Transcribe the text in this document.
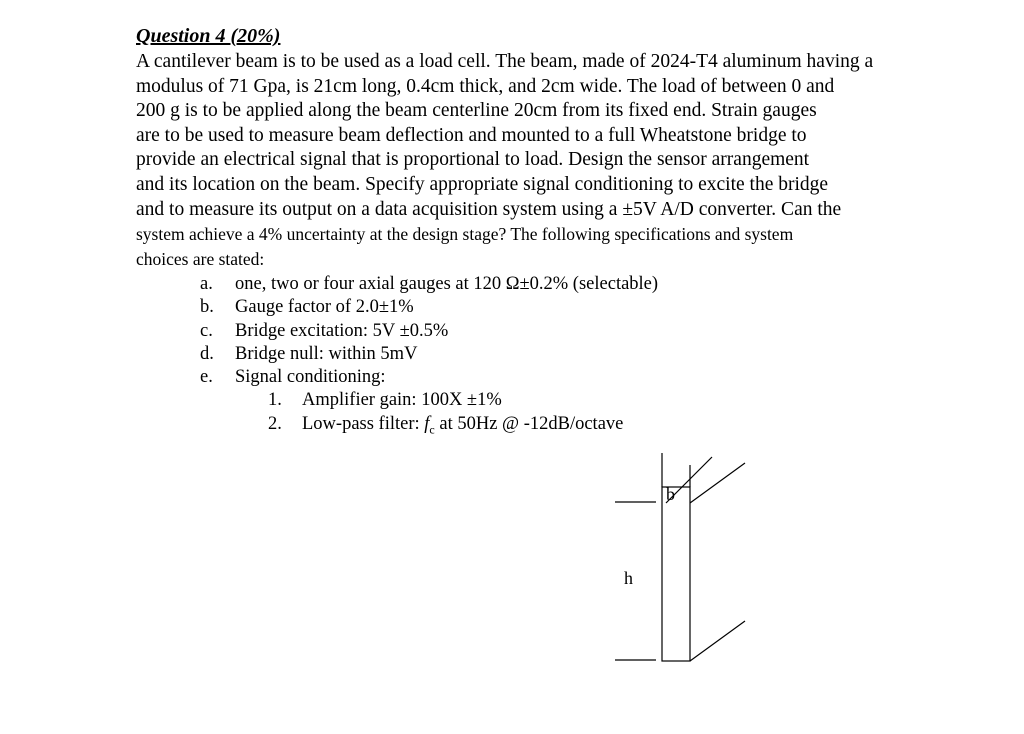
Question 4 (20%)

A cantilever beam is to be used as a load cell. The beam, made of 2024-T4 aluminum having a
modulus of 71 Gpa, is 21cm long, 0.4cm thick, and 2cm wide. The load of between 0 and
200 g is to be applied along the beam centerline 20cm from its fixed end. Strain gauges
are to be used to measure beam deflection and mounted to a full Wheatstone bridge to
provide an electrical signal that is proportional to load. Design the sensor arrangement
and its location on the beam. Specify appropriate signal conditioning to excite the bridge
and to measure its output on a data acquisition system using a ±5V A/D converter. Can the
system achieve a 4% uncertainty at the design stage? The following specifications and system
choices are stated:

a. one, two or four axial gauges at 120 Ω±0.2% (selectable)
b. Gauge factor of 2.0±1%
c. Bridge excitation: 5V ±0.5%
d. Bridge null: within 5mV
e. Signal conditioning:
1. Amplifier gain: 100X ±1%
2. Low-pass filter: $f_c$ at 50Hz @ -12dB/octave
b
h
